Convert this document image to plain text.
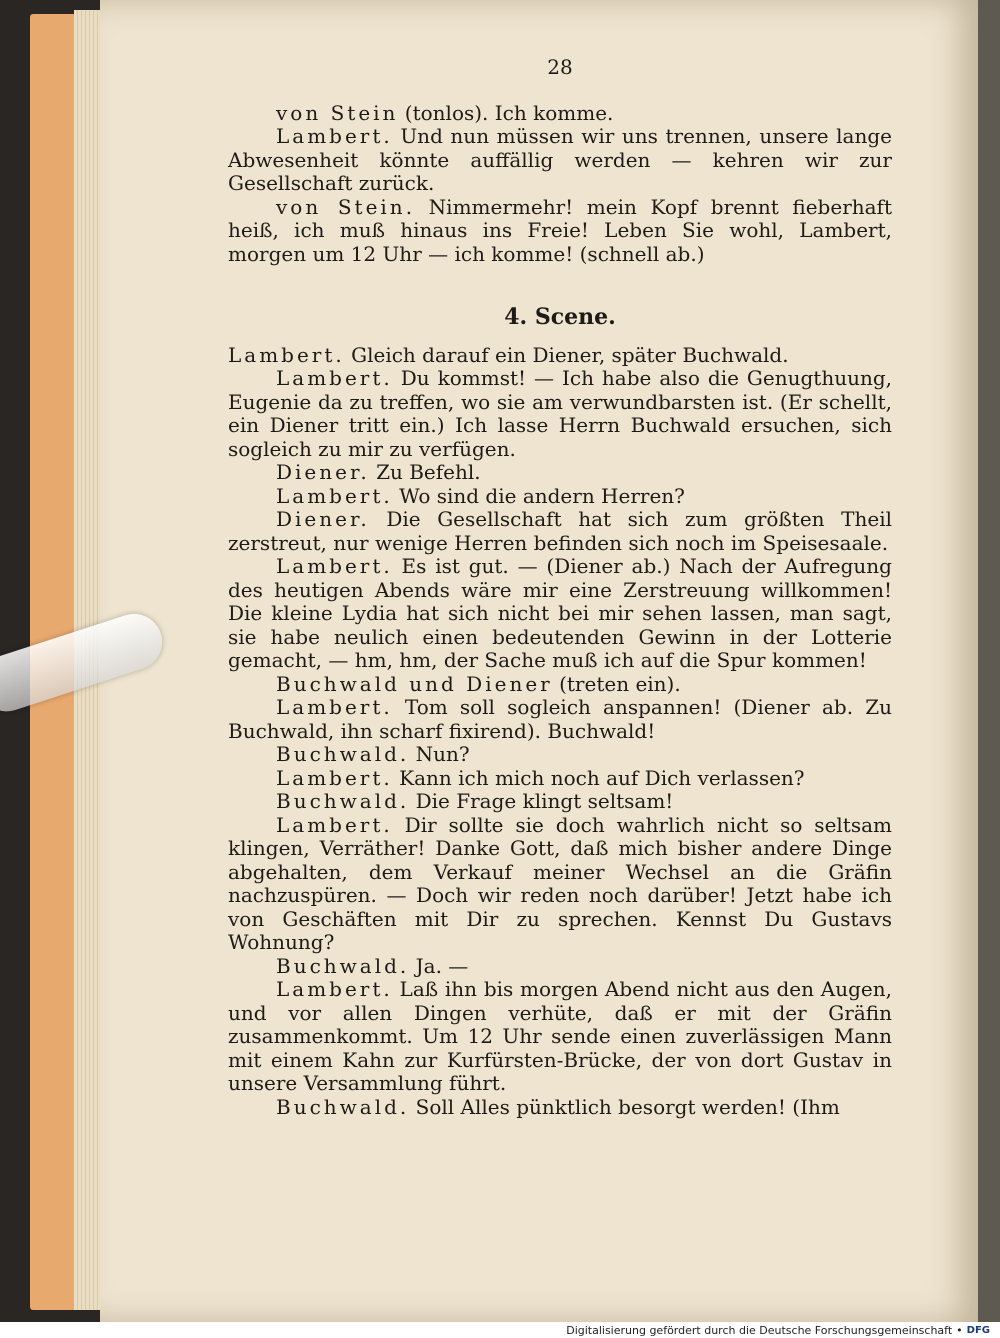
28

von Stein (tonlos). Ich komme.

Lambert. Und nun müssen wir uns trennen, unsere lange Abwesenheit könnte auffällig werden — kehren wir zur Gesellschaft zurück.

von Stein. Nimmermehr! mein Kopf brennt fieberhaft heiß, ich muß hinaus ins Freie! Leben Sie wohl, Lambert, morgen um 12 Uhr — ich komme! (schnell ab.)

4. Scene.

Lambert. Gleich darauf ein Diener, später Buchwald.

Lambert. Du kommst! — Ich habe also die Genugthuung, Eugenie da zu treffen, wo sie am verwundbarsten ist. (Er schellt, ein Diener tritt ein.) Ich lasse Herrn Buchwald ersuchen, sich sogleich zu mir zu verfügen.

Diener. Zu Befehl.

Lambert. Wo sind die andern Herren?

Diener. Die Gesellschaft hat sich zum größten Theil zerstreut, nur wenige Herren befinden sich noch im Speisesaale.

Lambert. Es ist gut. — (Diener ab.) Nach der Aufregung des heutigen Abends wäre mir eine Zerstreuung willkommen! Die kleine Lydia hat sich nicht bei mir sehen lassen, man sagt, sie habe neulich einen bedeutenden Gewinn in der Lotterie gemacht, — hm, hm, der Sache muß ich auf die Spur kommen!

Buchwald und Diener (treten ein).

Lambert. Tom soll sogleich anspannen! (Diener ab. Zu Buchwald, ihn scharf fixirend). Buchwald!

Buchwald. Nun?

Lambert. Kann ich mich noch auf Dich verlassen?

Buchwald. Die Frage klingt seltsam!

Lambert. Dir sollte sie doch wahrlich nicht so seltsam klingen, Verräther! Danke Gott, daß mich bisher andere Dinge abgehalten, dem Verkauf meiner Wechsel an die Gräfin nachzuspüren. — Doch wir reden noch darüber! Jetzt habe ich von Geschäften mit Dir zu sprechen. Kennst Du Gustavs Wohnung?

Buchwald. Ja. —

Lambert. Laß ihn bis morgen Abend nicht aus den Augen, und vor allen Dingen verhüte, daß er mit der Gräfin zusammenkommt. Um 12 Uhr sende einen zuverlässigen Mann mit einem Kahn zur Kurfürsten-Brücke, der von dort Gustav in unsere Versammlung führt.

Buchwald. Soll Alles pünktlich besorgt werden! (Ihm

Digitalisierung gefördert durch die Deutsche Forschungsgemeinschaft • DFG
